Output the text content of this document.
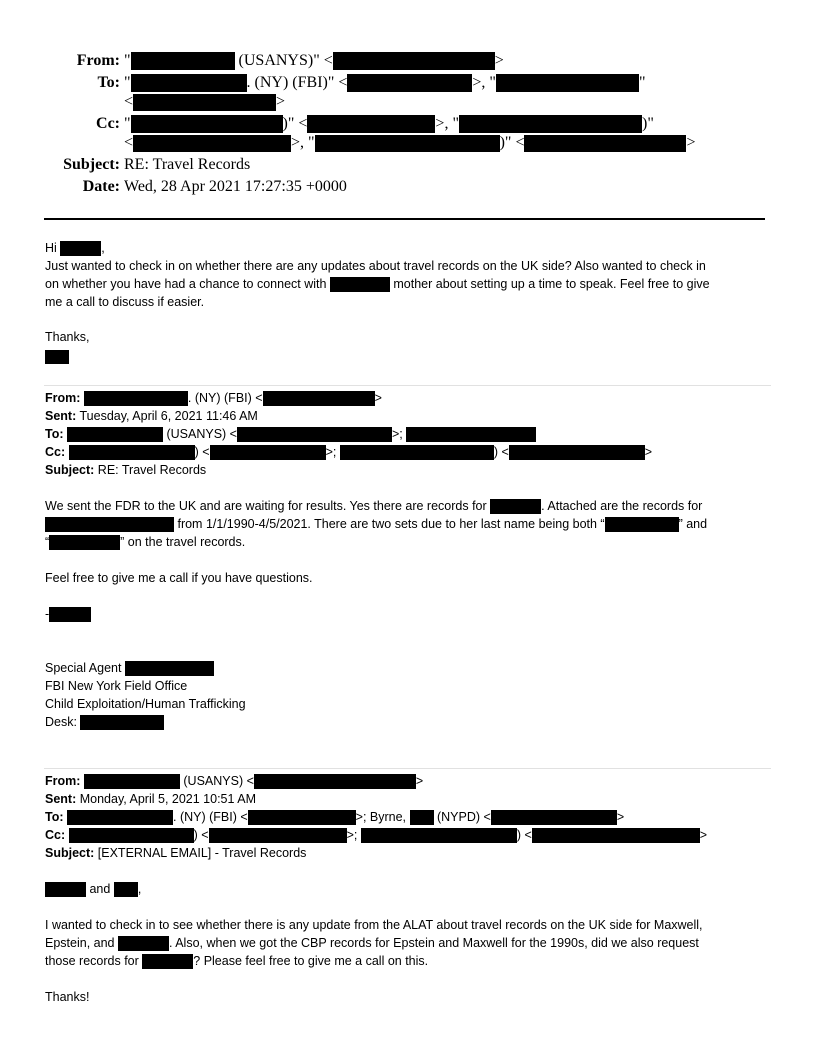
From: "	(USANYS)" <	>
To: "	. (NY) (FBI)" <	>, "	"
<	>
Cc: "	)" <	>, "	)"
<	>, "	)" <	>
Subject: RE: Travel Records
Date: Wed, 28 Apr 2021 17:27:35 +0000
Hi	,
Just wanted to check in on whether there are any updates about travel records on the UK side? Also wanted to check in
on whether you have had a chance to connect with	mother about setting up a time to speak. Feel free to give
me a call to discuss if easier.
Thanks,
From:	. (NY) (FBI) <	>
Sent: Tuesday, April 6, 2021 11:46 AM
To:	(USANYS) <	>;
Cc:	) <	>;	) <	>
Subject: RE: Travel Records
We sent the FDR to the UK and are waiting for results. Yes there are records for	. Attached are the records for
from 1/1/1990-4/5/2021. There are two sets due to her last name being both “	” and
“	” on the travel records.
Feel free to give me a call if you have questions.
-
Special Agent
FBI New York Field Office
Child Exploitation/Human Trafficking
Desk:
From:	(USANYS) <	>
Sent: Monday, April 5, 2021 10:51 AM
To:	. (NY) (FBI) <	>; Byrne,  (NYPD) <	>
Cc:	) <	>;	) <	>
Subject: [EXTERNAL EMAIL] - Travel Records
and ,
I wanted to check in to see whether there is any update from the ALAT about travel records on the UK side for Maxwell,
Epstein, and	. Also, when we got the CBP records for Epstein and Maxwell for the 1990s, did we also request
those records for	? Please feel free to give me a call on this.
Thanks!
